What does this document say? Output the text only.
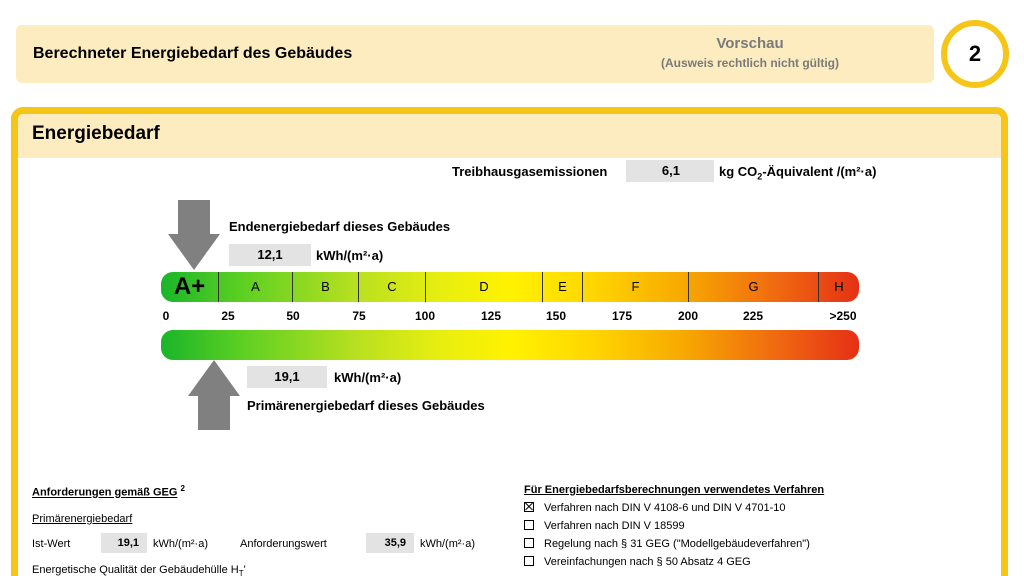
Berechneter Energiebedarf des Gebäudes
Vorschau
(Ausweis rechtlich nicht gültig)	2
Energiebedarf
Treibhausgasemissionen	6,1	kg $CO_2$-Äquivalent /(m²·a)
Endenergiebedarf dieses Gebäudes
12,1	kWh/(m²·a)
A+	A	B	C	D	E	F	G	H
0	25	50	75	100	125	150	175	200	225	>250
19,1	kWh/(m²·a)
Primärenergiebedarf dieses Gebäudes
Anforderungen gemäß GEG $^2$
Primärenergiebedarf
Ist-Wert	19,1	kWh/(m²·a)	Anforderungswert	35,9	kWh/(m²·a)
Energetische Qualität der Gebäudehülle $H_T'$
Für Energiebedarfsberechnungen verwendetes Verfahren
Verfahren nach DIN V 4108-6 und DIN V 4701-10
Verfahren nach DIN V 18599
Regelung nach § 31 GEG ("Modellgebäudeverfahren")
Vereinfachungen nach § 50 Absatz 4 GEG
